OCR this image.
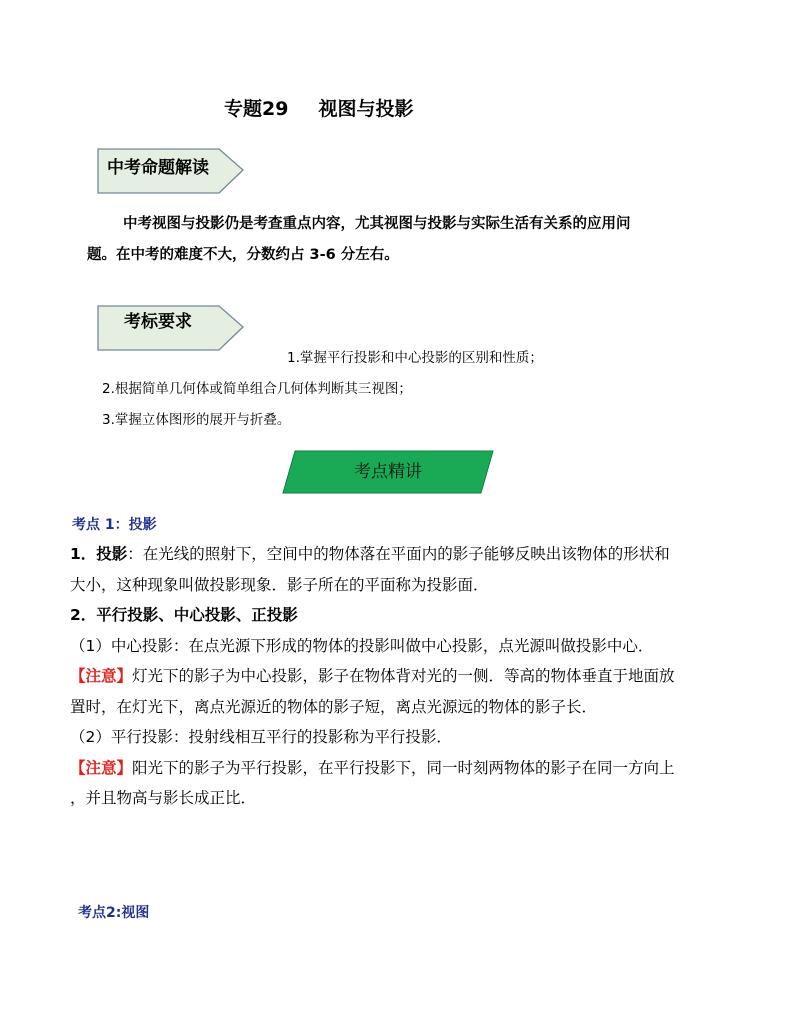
专题29 视图与投影
中考命题解读
中考视图与投影仍是考查重点内容，尤其视图与投影与实际生活有关系的应用问
题。在中考的难度不大，分数约占 3-6 分左右。
考标要求
1.掌握平行投影和中心投影的区别和性质；
2.根据简单几何体或简单组合几何体判断其三视图；
3.掌握立体图形的展开与折叠。
考点精讲
考点 1：投影
1．投影：在光线的照射下，空间中的物体落在平面内的影子能够反映出该物体的形状和
大小，这种现象叫做投影现象．影子所在的平面称为投影面．
2．平行投影、中心投影、正投影
（1）中心投影：在点光源下形成的物体的投影叫做中心投影，点光源叫做投影中心．
【注意】灯光下的影子为中心投影，影子在物体背对光的一侧．等高的物体垂直于地面放
置时，在灯光下，离点光源近的物体的影子短，离点光源远的物体的影子长．
（2）平行投影：投射线相互平行的投影称为平行投影．
【注意】阳光下的影子为平行投影，在平行投影下，同一时刻两物体的影子在同一方向上
，并且物高与影长成正比．
考点2:视图
